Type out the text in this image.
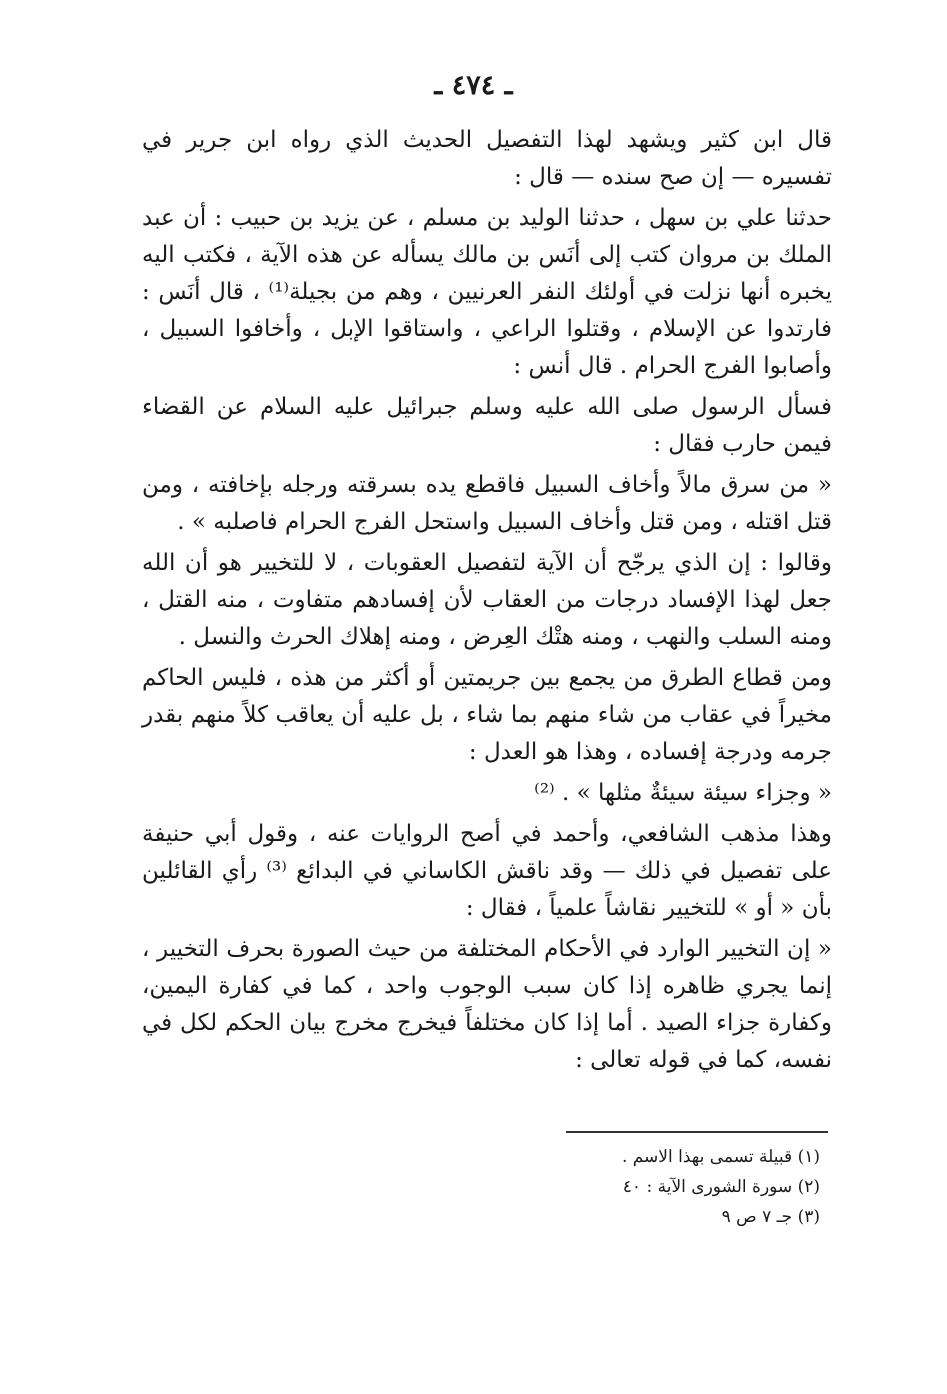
ـ ٤٧٤ ـ

قال ابن كثير ويشهد لهذا التفصيل الحديث الذي رواه ابن جرير في تفسيره — إن صح سنده — قال :

حدثنا علي بن سهل ، حدثنا الوليد بن مسلم ، عن يزيد بن حبيب : أن عبد الملك بن مروان كتب إلى أنَس بن مالك يسأله عن هذه الآية ، فكتب اليه يخبره أنها نزلت في أولئك النفر العرنيين ، وهم من بجيلة⁽¹⁾ ، قال أنَس : فارتدوا عن الإسلام ، وقتلوا الراعي ، واستاقوا الإبل ، وأخافوا السبيل ، وأصابوا الفرج الحرام . قال أنس :

فسأل الرسول صلى الله عليه وسلم جبرائيل عليه السلام عن القضاء فيمن حارب فقال :

« من سرق مالاً وأخاف السبيل فاقطع يده بسرقته ورجله بإخافته ، ومن قتل اقتله ، ومن قتل وأخاف السبيل واستحل الفرج الحرام فاصلبه » .

وقالوا : إن الذي يرجّح أن الآية لتفصيل العقوبات ، لا للتخيير هو أن الله جعل لهذا الإفساد درجات من العقاب لأن إفسادهم متفاوت ، منه القتل ، ومنه السلب والنهب ، ومنه هتْك العِرض ، ومنه إهلاك الحرث والنسل .

ومن قطاع الطرق من يجمع بين جريمتين أو أكثر من هذه ، فليس الحاكم مخيراً في عقاب من شاء منهم بما شاء ، بل عليه أن يعاقب كلاً منهم بقدر جرمه ودرجة إفساده ، وهذا هو العدل :

« وجزاء سيئة سيئةٌ مثلها » . ⁽²⁾

وهذا مذهب الشافعي، وأحمد في أصح الروايات عنه ، وقول أبي حنيفة على تفصيل في ذلك — وقد ناقش الكاساني في البدائع ⁽³⁾ رأي القائلين بأن « أو » للتخيير نقاشاً علمياً ، فقال :

« إن التخيير الوارد في الأحكام المختلفة من حيث الصورة بحرف التخيير ، إنما يجري ظاهره إذا كان سبب الوجوب واحد ، كما في كفارة اليمين، وكفارة جزاء الصيد . أما إذا كان مختلفاً فيخرج مخرج بيان الحكم لكل في نفسه، كما في قوله تعالى :

(١) قبيلة تسمى بهذا الاسم .
(٢) سورة الشورى الآية : ٤٠
(٣) جـ ٧ ص ٩
